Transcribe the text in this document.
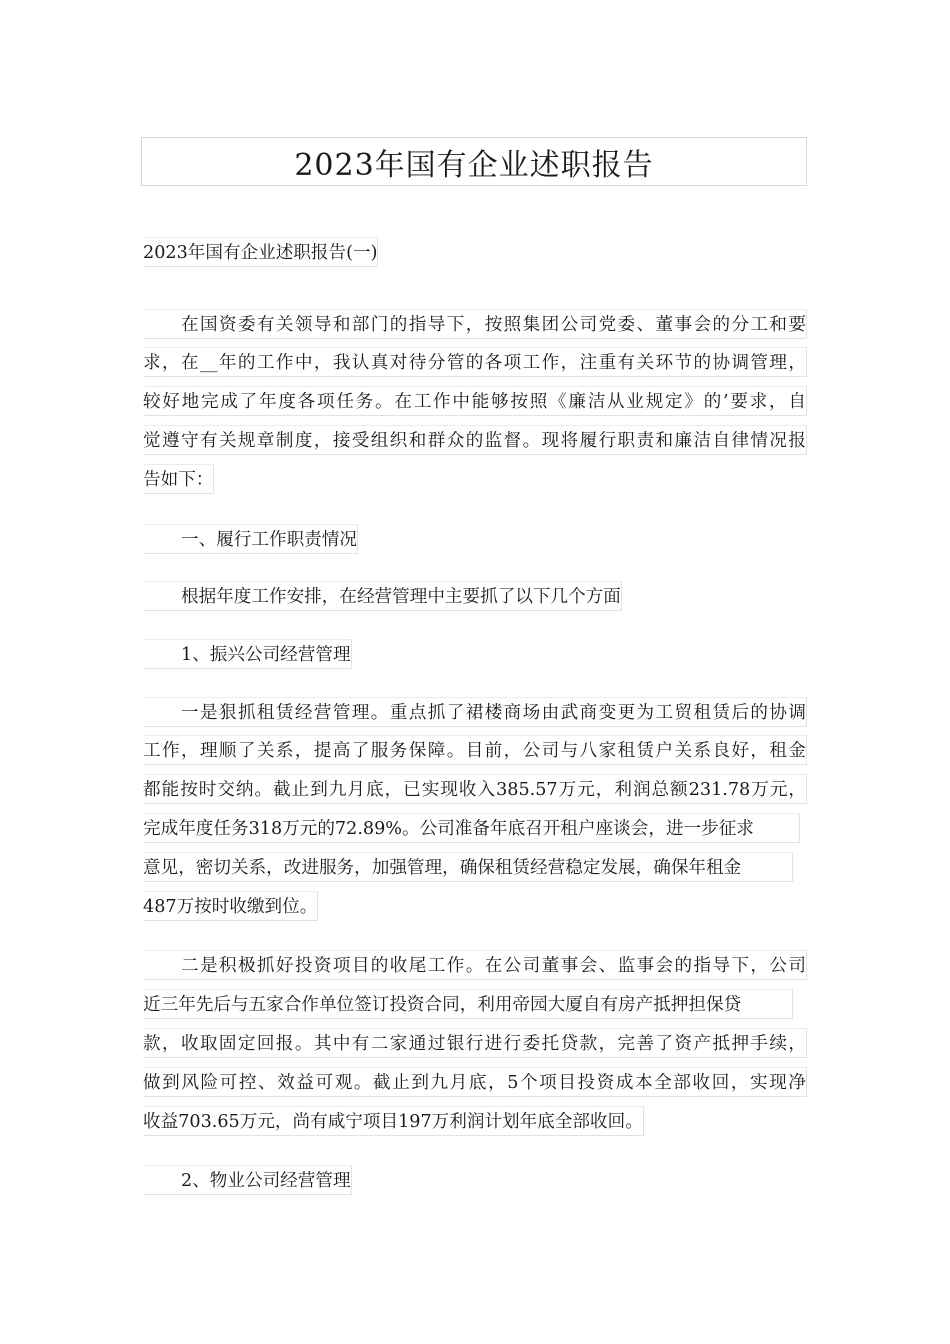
2023年国有企业述职报告
2023年国有企业述职报告(一)
在国资委有关领导和部门的指导下，按照集团公司党委、董事会的分工和要
求，在__年的工作中，我认真对待分管的各项工作，注重有关环节的协调管理，
较好地完成了年度各项任务。在工作中能够按照《廉洁从业规定》的’要求，自
觉遵守有关规章制度，接受组织和群众的监督。现将履行职责和廉洁自律情况报
告如下：
一、履行工作职责情况
根据年度工作安排，在经营管理中主要抓了以下几个方面
1、振兴公司经营管理
一是狠抓租赁经营管理。重点抓了裙楼商场由武商变更为工贸租赁后的协调
工作，理顺了关系，提高了服务保障。目前，公司与八家租赁户关系良好，租金
都能按时交纳。截止到九月底，已实现收入385.57万元，利润总额231.78万元，
完成年度任务318万元的72.89%。公司准备年底召开租户座谈会，进一步征求
意见，密切关系，改进服务，加强管理，确保租赁经营稳定发展，确保年租金
487万按时收缴到位。
二是积极抓好投资项目的收尾工作。在公司董事会、监事会的指导下，公司
近三年先后与五家合作单位签订投资合同，利用帝园大厦自有房产抵押担保贷
款，收取固定回报。其中有二家通过银行进行委托贷款，完善了资产抵押手续，
做到风险可控、效益可观。截止到九月底，5个项目投资成本全部收回，实现净
收益703.65万元，尚有咸宁项目197万利润计划年底全部收回。
2、物业公司经营管理
